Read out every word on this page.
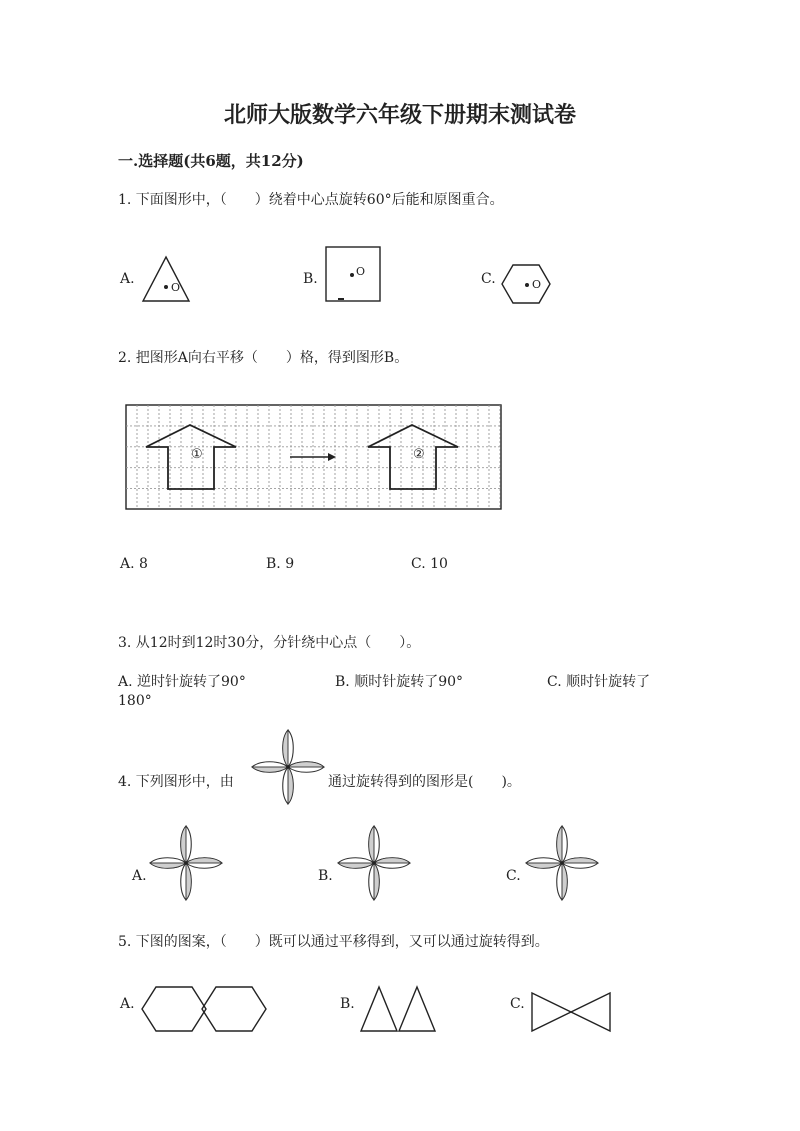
北师大版数学六年级下册期末测试卷
一.选择题(共6题，共12分)
1. 下面图形中，（　　）绕着中心点旋转60°后能和原图重合。
A.
O
B.	O	C.	O
2. 把图形A向右平移（　　）格，得到图形B。
①	②
A. 8	B. 9	C. 10
3. 从12时到12时30分，分针绕中心点（　　）。
A. 逆时针旋转了90°	B. 顺时针旋转了90°	C. 顺时针旋转了
180°
4. 下列图形中，由	通过旋转得到的图形是(　　)。
A.	B.	C.
5. 下图的图案，（　　）既可以通过平移得到，又可以通过旋转得到。
A.	B.	C.
